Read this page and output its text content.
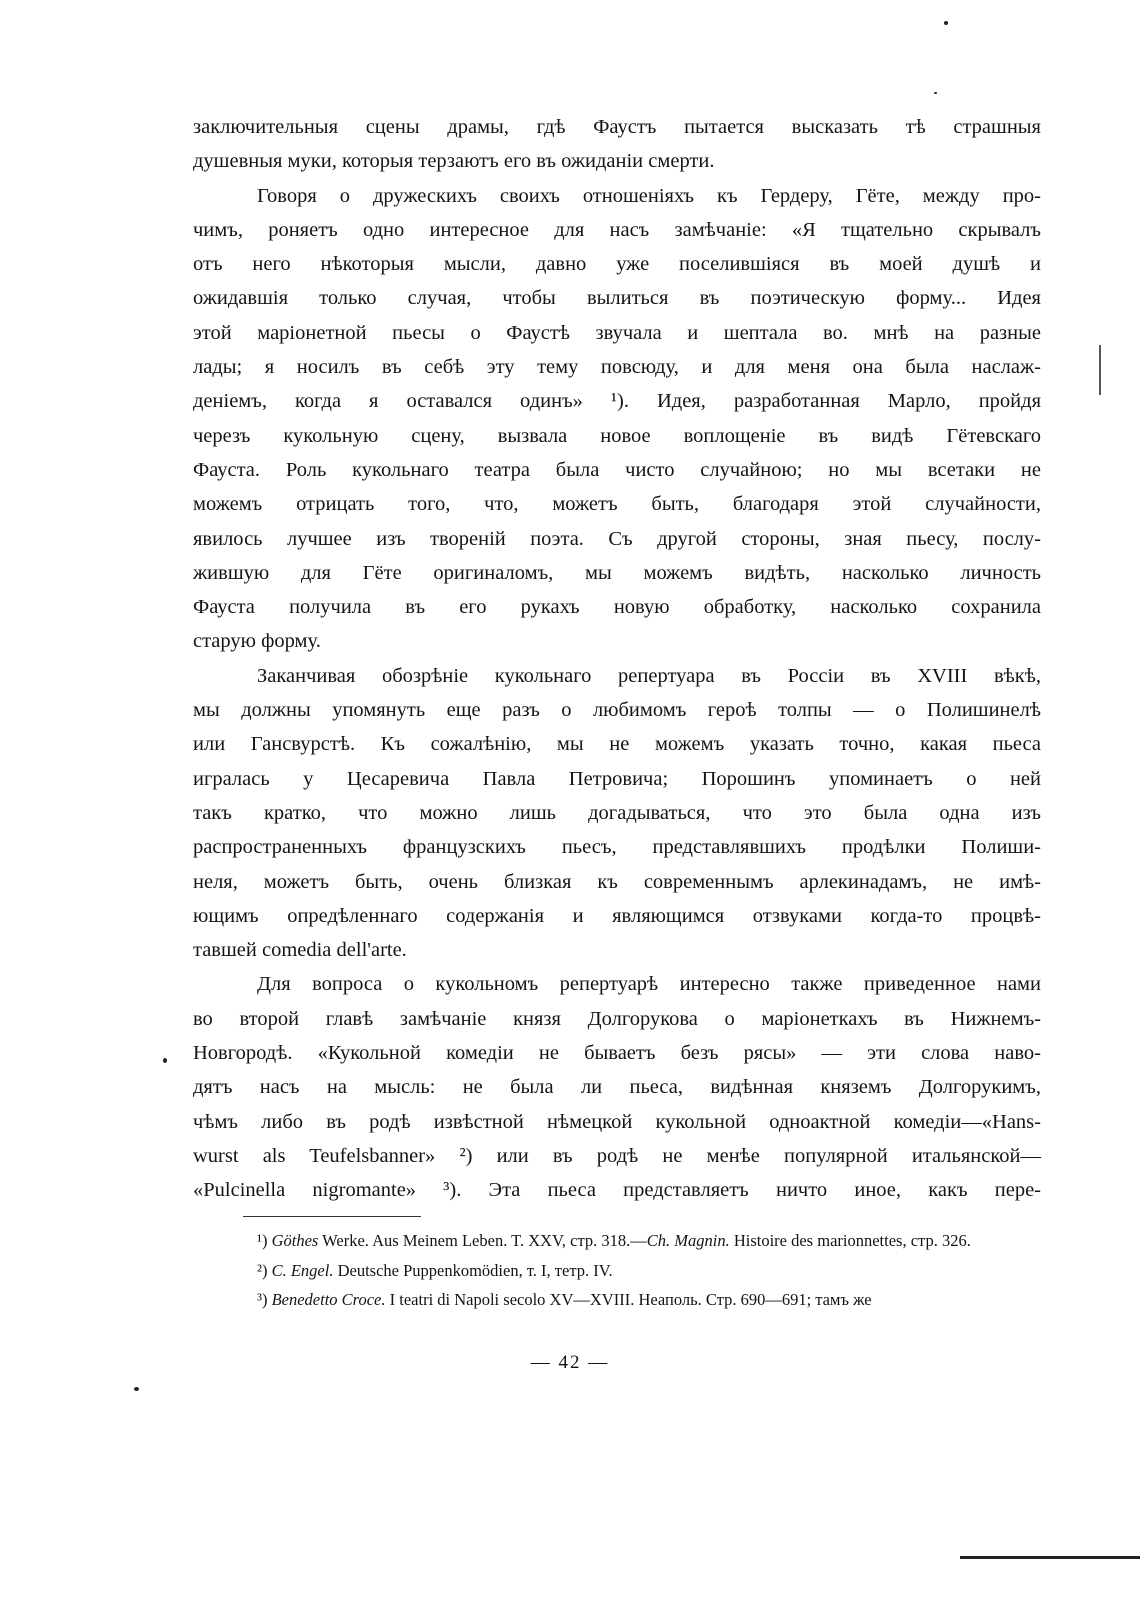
заключительныя сцены драмы, гдѣ Фаустъ пытается высказать тѣ страшныя
душевныя муки, которыя терзаютъ его въ ожиданіи смерти.
Говоря о дружескихъ своихъ отношеніяхъ къ Гердеру, Гёте, между про-
чимъ, роняетъ одно интересное для насъ замѣчаніе: «Я тщательно скрывалъ
отъ него нѣкоторыя мысли, давно уже поселившіяся въ моей душѣ и
ожидавшія только случая, чтобы вылиться въ поэтическую форму... Идея
этой маріонетной пьесы о Фаустѣ звучала и шептала во. мнѣ на разные
лады; я носилъ въ себѣ эту тему повсюду, и для меня она была наслаж-
деніемъ, когда я оставался одинъ» ¹). Идея, разработанная Марло, пройдя
черезъ кукольную сцену, вызвала новое воплощеніе въ видѣ Гётевскаго
Фауста. Роль кукольнаго театра была чисто случайною; но мы всетаки не
можемъ отрицать того, что, можетъ быть, благодаря этой случайности,
явилось лучшее изъ твореній поэта. Съ другой стороны, зная пьесу, послу-
жившую для Гёте оригиналомъ, мы можемъ видѣть, насколько личность
Фауста получила въ его рукахъ новую обработку, насколько сохранила
старую форму.
Заканчивая обозрѣніе кукольнаго репертуара въ Россіи въ XVIII вѣкѣ,
мы должны упомянуть еще разъ о любимомъ героѣ толпы — о Полишинелѣ
или Гансвурстѣ. Къ сожалѣнію, мы не можемъ указать точно, какая пьеса
игралась у Цесаревича Павла Петровича; Порошинъ упоминаетъ о ней
такъ кратко, что можно лишь догадываться, что это была одна изъ
распространенныхъ французскихъ пьесъ, представлявшихъ продѣлки Полиши-
неля, можетъ быть, очень близкая къ современнымъ арлекинадамъ, не имѣ-
ющимъ опредѣленнаго содержанія и являющимся отзвуками когда-то процвѣ-
тавшей comedia dell'arte.
Для вопроса о кукольномъ репертуарѣ интересно также приведенное нами
во второй главѣ замѣчаніе князя Долгорукова о маріонеткахъ въ Нижнемъ-
Новгородѣ. «Кукольной комедіи не бываетъ безъ рясы» — эти слова наво-
дятъ насъ на мысль: не была ли пьеса, видѣнная княземъ Долгорукимъ,
чѣмъ либо въ родѣ извѣстной нѣмецкой кукольной одноактной комедіи—«Hans-
wurst als Teufelsbanner» ²) или въ родѣ не менѣе популярной итальянской—
«Pulcinella nigromante» ³). Эта пьеса представляетъ ничто иное, какъ пере-
¹) Göthes Werke. Aus Meinem Leben. T. XXV, стр. 318.—Ch. Magnin. Histoire des marionnettes, стр. 326.
²) C. Engel. Deutsche Puppenkomödien, т. I, тетр. IV.
³) Benedetto Croce. I teatri di Napoli secolo XV—XVIII. Неаполь. Стр. 690—691; тамъ же
— 42 —
